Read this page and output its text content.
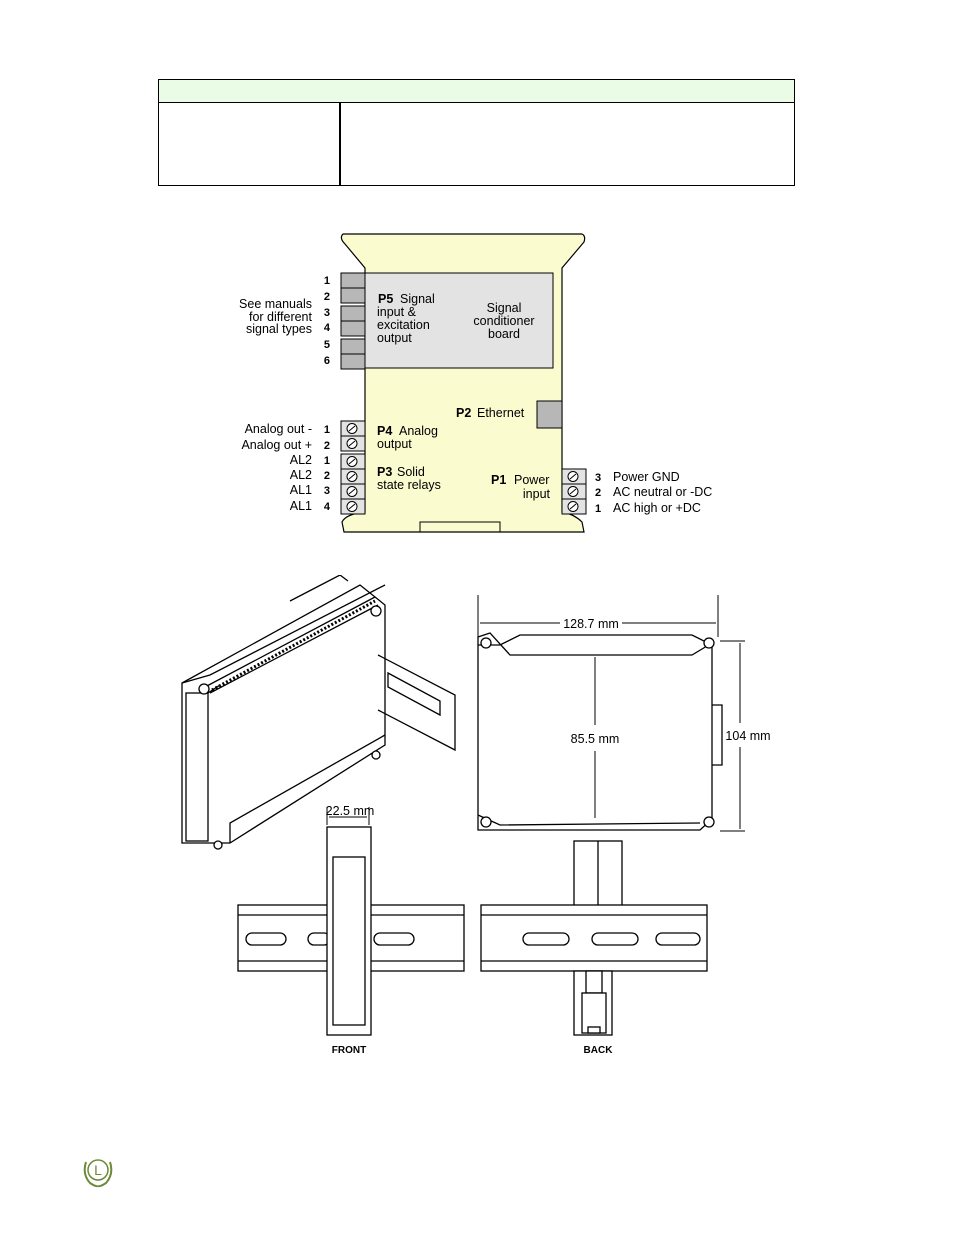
1
2
3
4
5
6
See manuals
for different
signal types
P5 Signal
input &
excitation
output
Signal
conditioner
board
P2 Ethernet
Analog out - 1
Analog out + 2
AL2 1
AL2 2
AL1 3
AL1 4
P4 Analog
output
P3 Solid
state relays	P1 Power
input
3 Power GND
2 AC neutral or -DC
1 AC high or +DC
128.7 mm
85.5 mm	104 mm
22.5 mm
FRONT	BACK
L
